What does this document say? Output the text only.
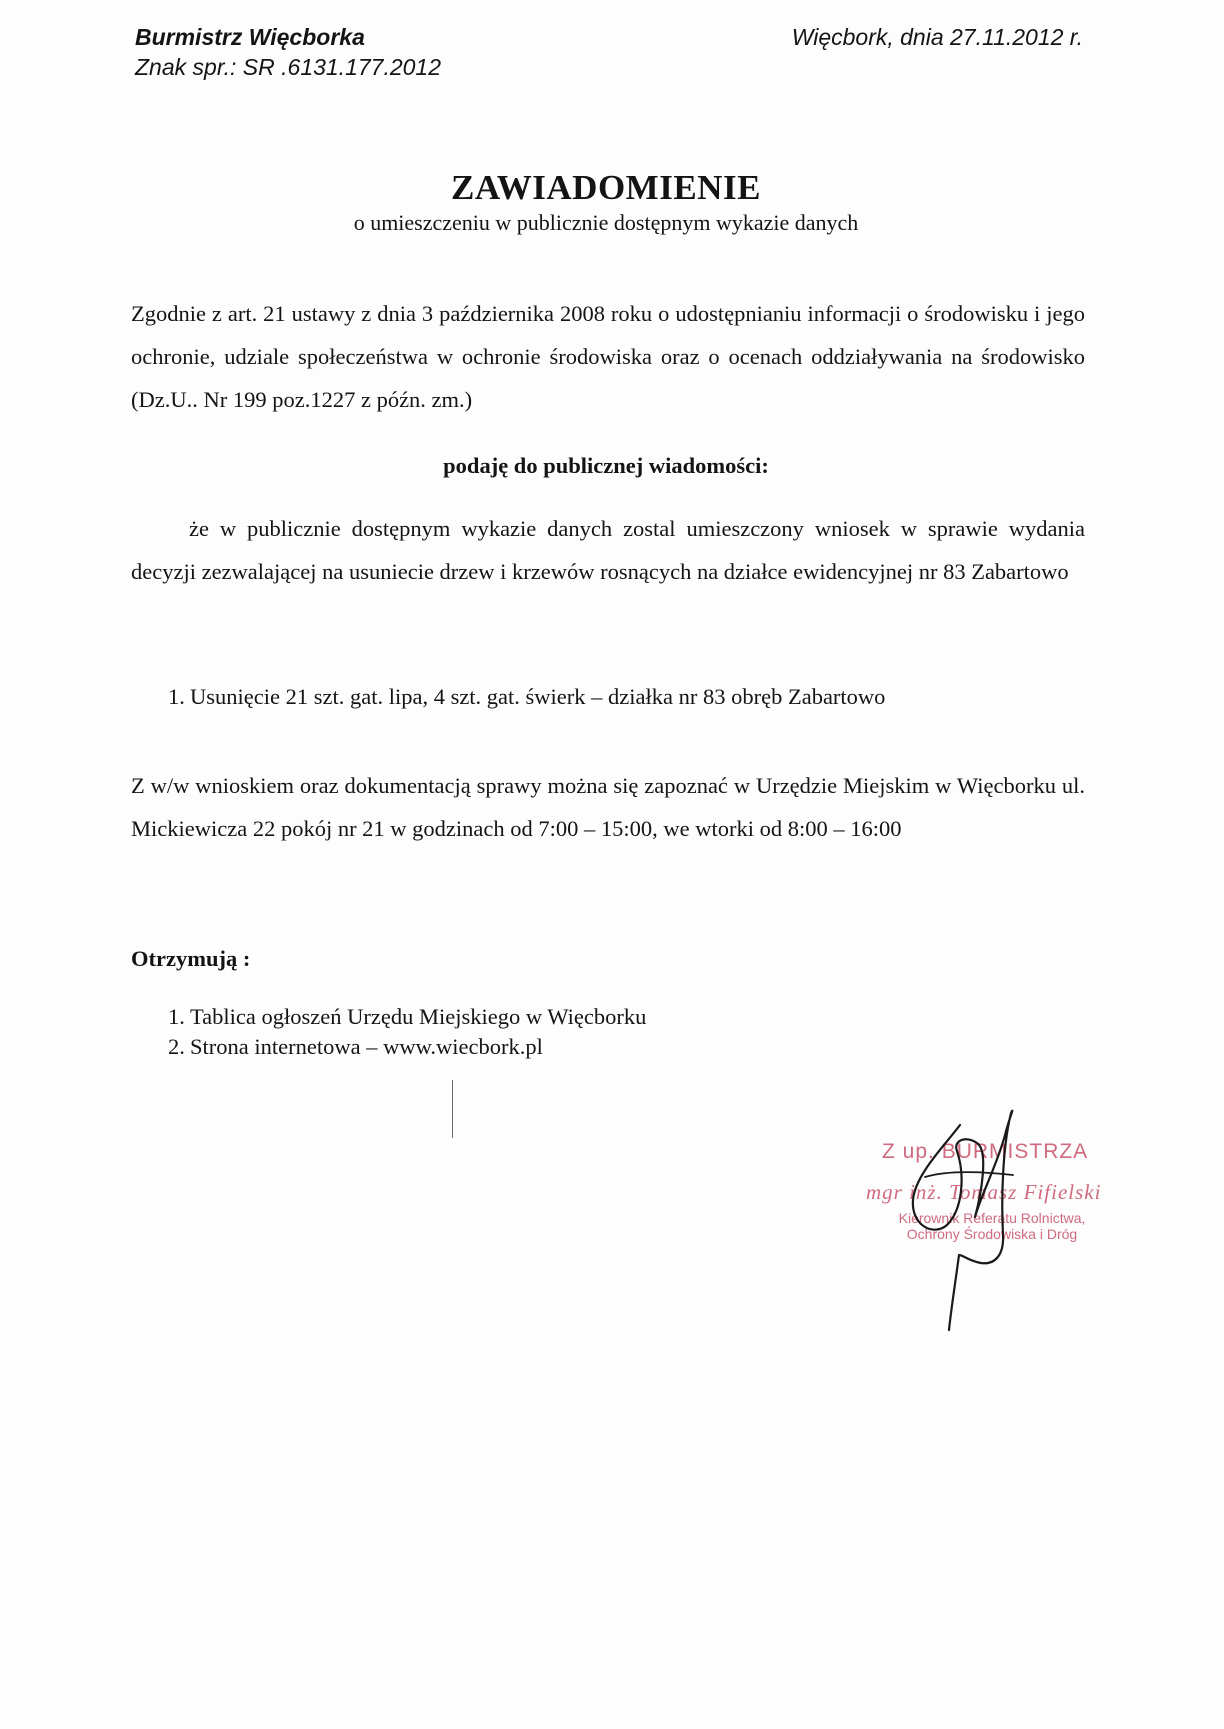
Burmistrz Więcborka
Znak spr.: SR .6131.177.2012
Więcbork, dnia 27.11.2012 r.
ZAWIADOMIENIE
o umieszczeniu w publicznie dostępnym wykazie danych

Zgodnie z art. 21 ustawy z dnia 3 października 2008 roku o udostępnianiu informacji o środowisku i jego ochronie, udziale społeczeństwa w ochronie środowiska oraz o ocenach oddziaływania na środowisko (Dz.U.. Nr 199 poz.1227 z późn. zm.)

podaję do publicznej wiadomości:

że w publicznie dostępnym wykazie danych zostal umieszczony wniosek w sprawie wydania decyzji zezwalającej na usuniecie drzew i krzewów rosnących na działce ewidencyjnej nr 83 Zabartowo

1. Usunięcie 21 szt. gat. lipa, 4 szt. gat. świerk – działka nr 83 obręb Zabartowo

Z w/w wnioskiem oraz dokumentacją sprawy można się zapoznać w Urzędzie Miejskim w Więcborku ul. Mickiewicza 22 pokój nr 21 w godzinach od 7:00 – 15:00, we wtorki od 8:00 – 16:00

Otrzymują :
1. Tablica ogłoszeń Urzędu Miejskiego w Więcborku
2. Strona internetowa – www.wiecbork.pl
Z up. BURMISTRZA
mgr inż. Tomasz Fifielski
Kierownik Referatu Rolnictwa,
Ochrony Środowiska i Dróg
